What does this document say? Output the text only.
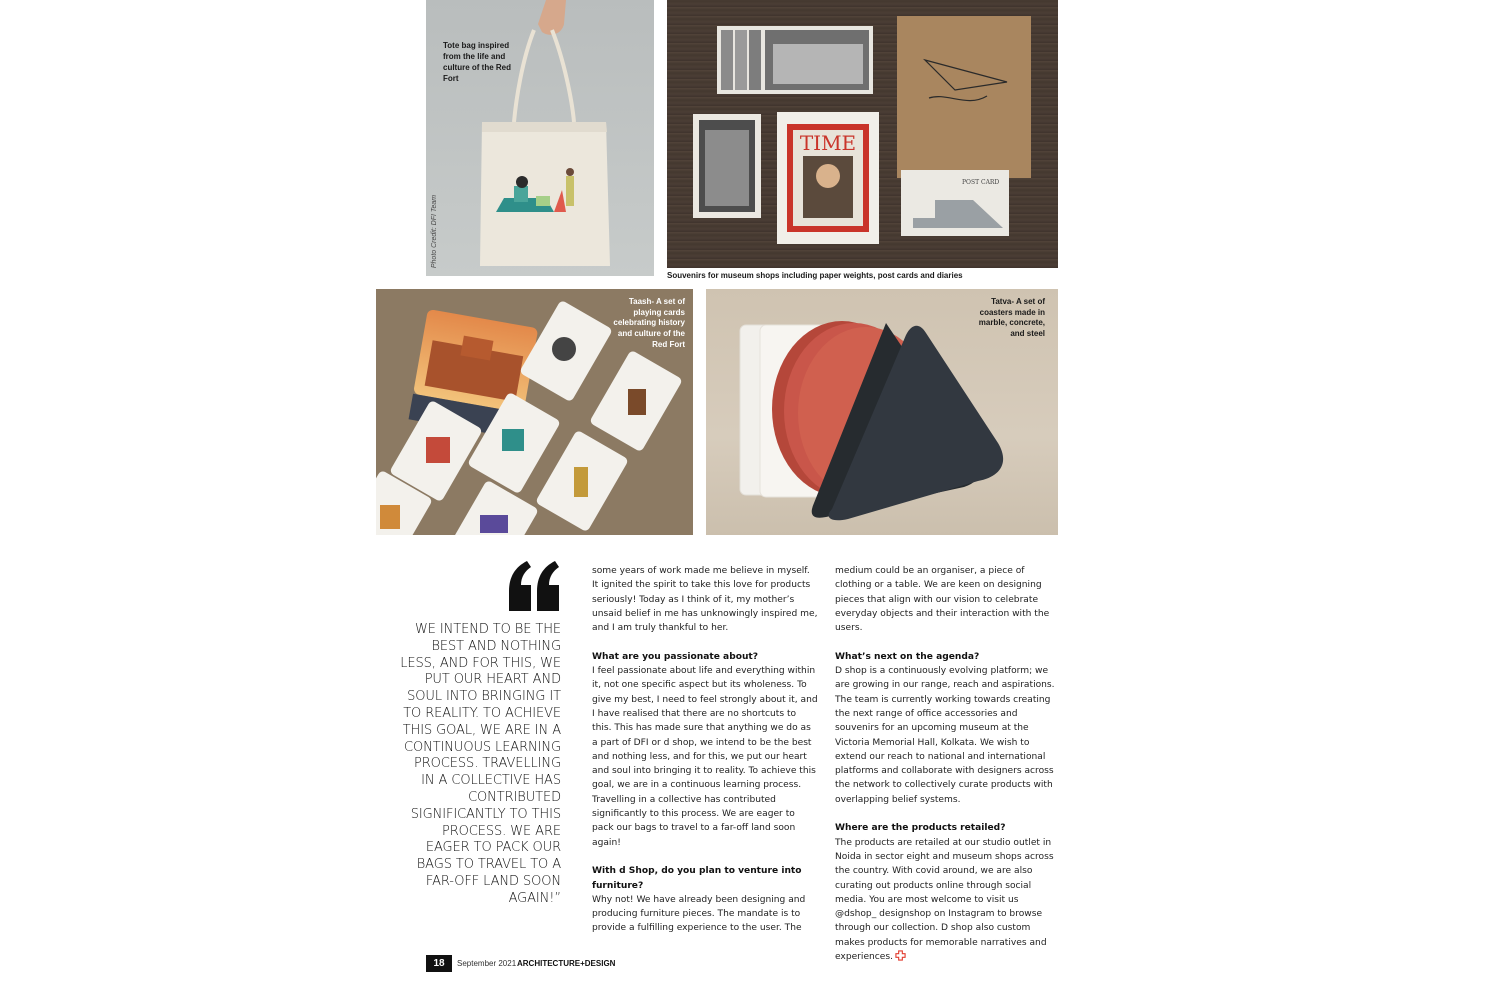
Tote bag inspired from the life and culture of the Red Fort
Photo Credit: DFI Team
TIME
POST CARD
Souvenirs for museum shops including paper weights, post cards and diaries
Taash- A set of playing cards celebrating history and culture of the Red Fort
Tatva- A set of coasters made in marble, concrete, and steel
WE INTEND TO BE THE BEST AND NOTHING LESS, AND FOR THIS, WE PUT OUR HEART AND SOUL INTO BRINGING IT TO REALITY. TO ACHIEVE THIS GOAL, WE ARE IN A CONTINUOUS LEARNING PROCESS. TRAVELLING IN A COLLECTIVE HAS CONTRIBUTED SIGNIFICANTLY TO THIS PROCESS. WE ARE EAGER TO PACK OUR BAGS TO TRAVEL TO A FAR-OFF LAND SOON AGAIN!”

some years of work made me believe in myself. It ignited the spirit to take this love for products seriously! Today as I think of it, my mother’s unsaid belief in me has unknowingly inspired me, and I am truly thankful to her.

What are you passionate about?
I feel passionate about life and everything within it, not one specific aspect but its wholeness. To give my best, I need to feel strongly about it, and I have realised that there are no shortcuts to this. This has made sure that anything we do as a part of DFI or d shop, we intend to be the best and nothing less, and for this, we put our heart and soul into bringing it to reality. To achieve this goal, we are in a continuous learning process. Travelling in a collective has contributed significantly to this process. We are eager to pack our bags to travel to a far-off land soon again!

With d Shop, do you plan to venture into furniture?
Why not! We have already been designing and producing furniture pieces. The mandate is to provide a fulfilling experience to the user. The

medium could be an organiser, a piece of clothing or a table. We are keen on designing pieces that align with our vision to celebrate everyday objects and their interaction with the users.

What’s next on the agenda?
D shop is a continuously evolving platform; we are growing in our range, reach and aspirations. The team is currently working towards creating the next range of office accessories and souvenirs for an upcoming museum at the Victoria Memorial Hall, Kolkata. We wish to extend our reach to national and international platforms and collaborate with designers across the network to collectively curate products with overlapping belief systems.

Where are the products retailed?
The products are retailed at our studio outlet in Noida in sector eight and museum shops across the country. With covid around, we are also curating out products online through social media. You are most welcome to visit us @dshop_ designshop on Instagram to browse through our collection. D shop also custom makes products for memorable narratives and experiences.

18	September 2021 ARCHITECTURE+DESIGN
